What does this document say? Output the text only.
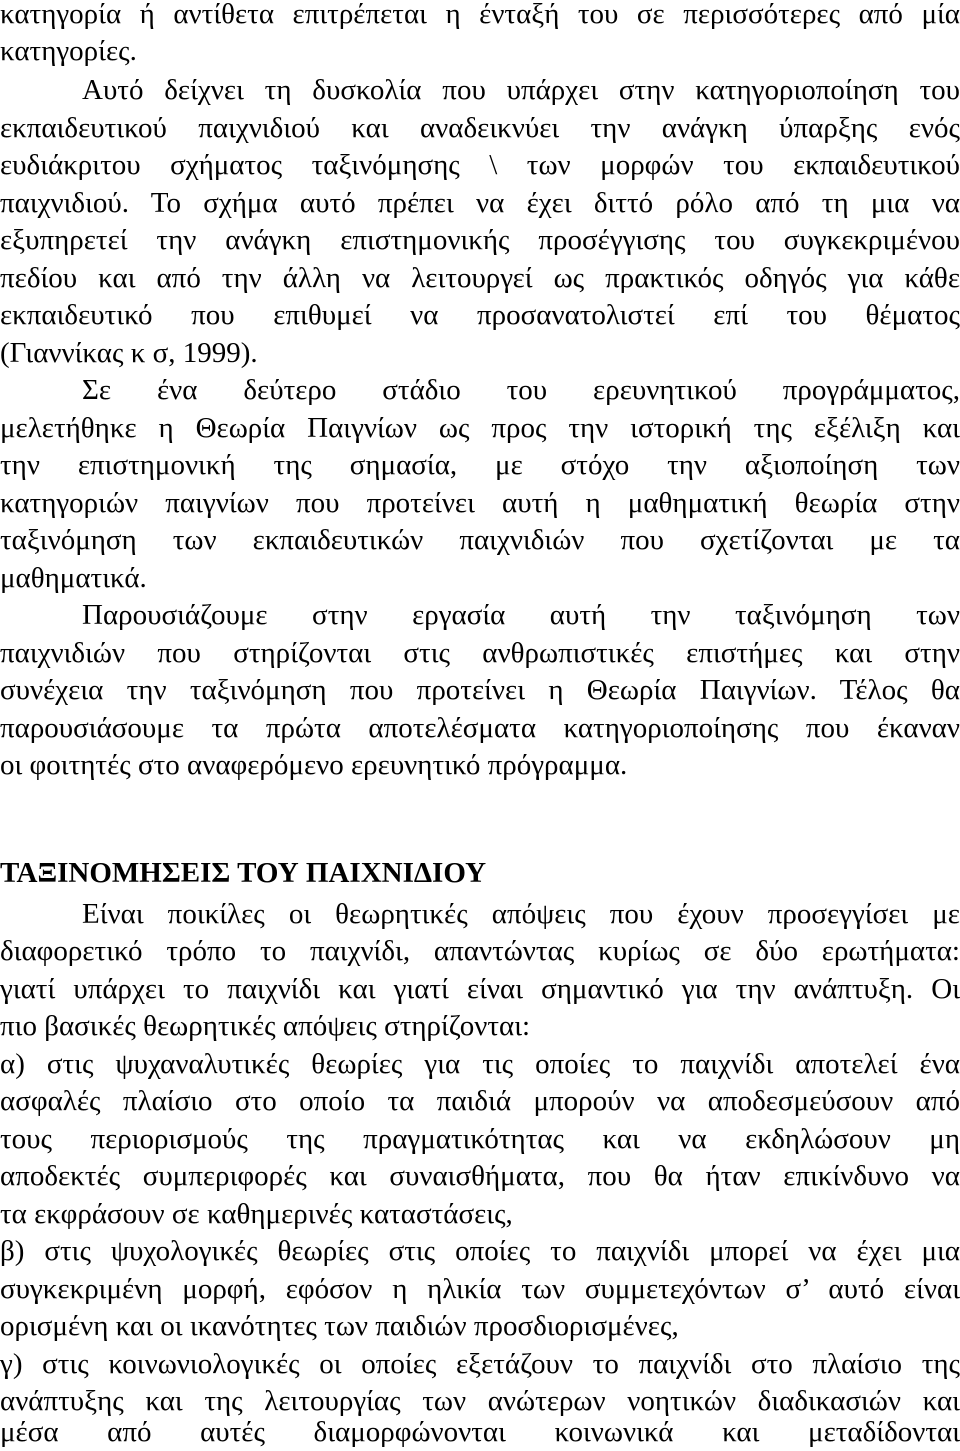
κατηγορία ή αντίθετα επιτρέπεται η ένταξή του σε περισσότερες από μία
κατηγορίες.
Αυτό δείχνει τη δυσκολία που υπάρχει στην κατηγοριοποίηση του
εκπαιδευτικού παιχνιδιού και αναδεικνύει την ανάγκη ύπαρξης ενός
ευδιάκριτου σχήματος ταξινόμησης \ των μορφών του εκπαιδευτικού
παιχνιδιού. Το σχήμα αυτό πρέπει να έχει διττό ρόλο από τη μια να
εξυπηρετεί την ανάγκη επιστημονικής προσέγγισης του συγκεκριμένου
πεδίου και από την άλλη να λειτουργεί ως πρακτικός οδηγός για κάθε
εκπαιδευτικό που επιθυμεί να προσανατολιστεί επί του θέματος
(Γιαννίκας κ σ, 1999).
Σε ένα δεύτερο στάδιο του ερευνητικού προγράμματος,
μελετήθηκε η Θεωρία Παιγνίων ως προς την ιστορική της εξέλιξη και
την επιστημονική της σημασία, με στόχο την αξιοποίηση των
κατηγοριών παιγνίων που προτείνει αυτή η μαθηματική θεωρία στην
ταξινόμηση των εκπαιδευτικών παιχνιδιών που σχετίζονται με τα
μαθηματικά.
Παρουσιάζουμε στην εργασία αυτή την ταξινόμηση των
παιχνιδιών που στηρίζονται στις ανθρωπιστικές επιστήμες και στην
συνέχεια την ταξινόμηση που προτείνει η Θεωρία Παιγνίων. Τέλος θα
παρουσιάσουμε τα πρώτα αποτελέσματα κατηγοριοποίησης που έκαναν
οι φοιτητές στο αναφερόμενο ερευνητικό πρόγραμμα.
ΤΑΞΙΝΟΜΗΣΕΙΣ ΤΟΥ ΠΑΙΧΝΙΔΙΟΥ
Είναι ποικίλες οι θεωρητικές απόψεις που έχουν προσεγγίσει με
διαφορετικό τρόπο το παιχνίδι, απαντώντας κυρίως σε δύο ερωτήματα:
γιατί υπάρχει το παιχνίδι και γιατί είναι σημαντικό για την ανάπτυξη. Οι
πιο βασικές θεωρητικές απόψεις στηρίζονται:
α) στις ψυχαναλυτικές θεωρίες για τις οποίες το παιχνίδι αποτελεί ένα
ασφαλές πλαίσιο στο οποίο τα παιδιά μπορούν να αποδεσμεύσουν από
τους περιορισμούς της πραγματικότητας και να εκδηλώσουν μη
αποδεκτές συμπεριφορές και συναισθήματα, που θα ήταν επικίνδυνο να
τα εκφράσουν σε καθημερινές καταστάσεις,
β) στις ψυχολογικές θεωρίες στις οποίες το παιχνίδι μπορεί να έχει μια
συγκεκριμένη μορφή, εφόσον η ηλικία των συμμετεχόντων σ’ αυτό είναι
ορισμένη και οι ικανότητες των παιδιών προσδιορισμένες,
γ) στις κοινωνιολογικές οι οποίες εξετάζουν το παιχνίδι στο πλαίσιο της
ανάπτυξης και της λειτουργίας των ανώτερων νοητικών διαδικασιών και
μέσα από αυτές διαμορφώνονται κοινωνικά και μεταδίδονται
